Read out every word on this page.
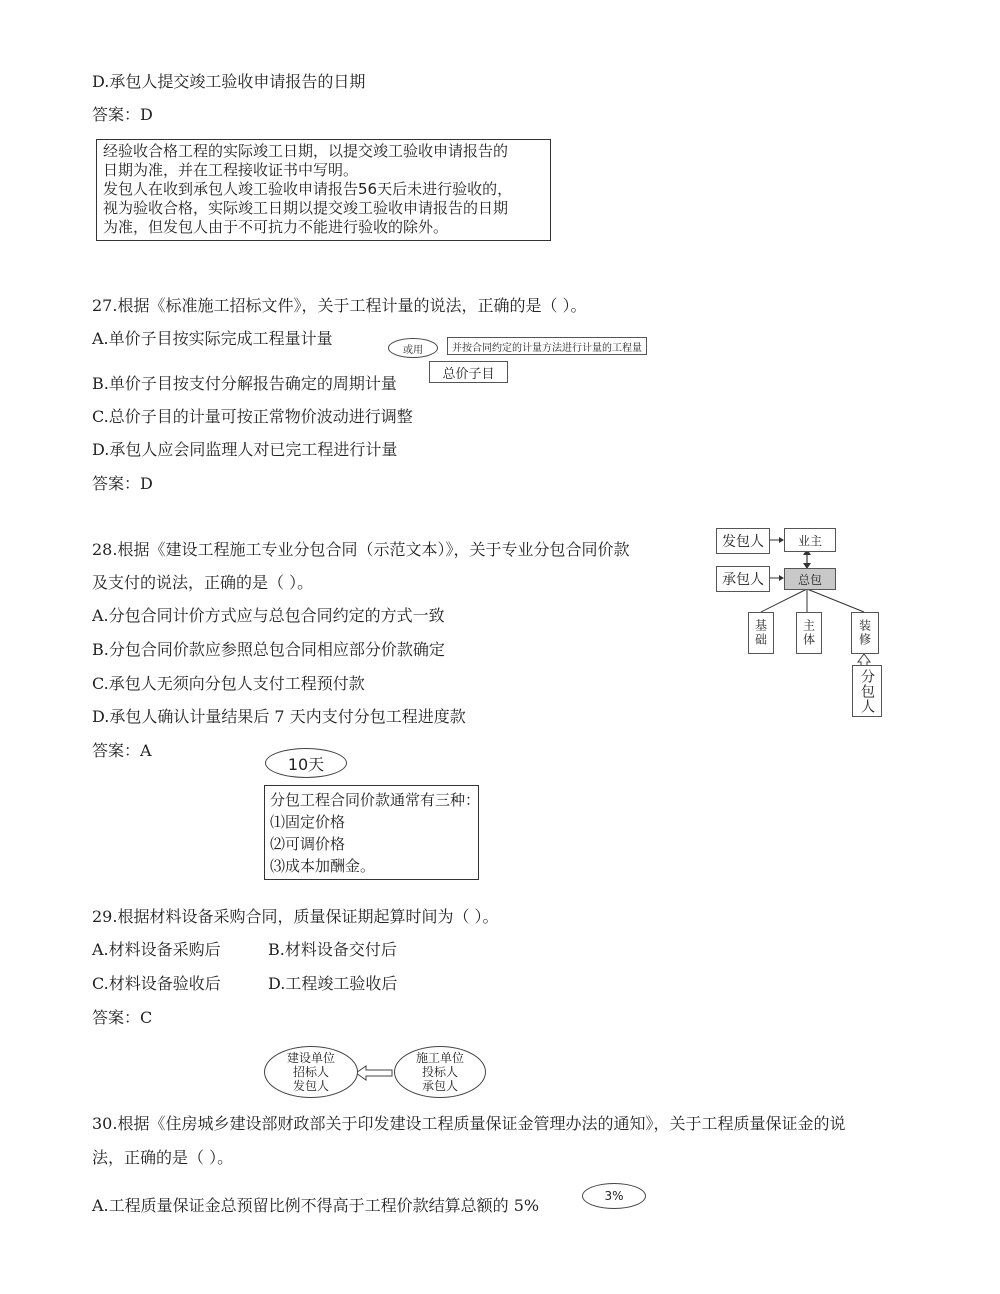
D.承包人提交竣工验收申请报告的日期
答案：D
经验收合格工程的实际竣工日期，以提交竣工验收申请报告的
日期为准，并在工程接收证书中写明。
发包人在收到承包人竣工验收申请报告56天后未进行验收的，
视为验收合格，实际竣工日期以提交竣工验收申请报告的日期
为准，但发包人由于不可抗力不能进行验收的除外。
27.根据《标准施工招标文件》，关于工程计量的说法，正确的是（ ）。
A.单价子目按实际完成工程量计量
B.单价子目按支付分解报告确定的周期计量
C.总价子目的计量可按正常物价波动进行调整
D.承包人应会同监理人对已完工程进行计量
答案：D
或⽤	并按合同约定的计量方法进行计量的工程量
总价子目
28.根据《建设工程施工专业分包合同（示范文本）》，关于专业分包合同价款
及支付的说法，正确的是（ ）。
A.分包合同计价方式应与总包合同约定的方式一致
B.分包合同价款应参照总包合同相应部分价款确定
C.承包人无须向分包人支付工程预付款
D.承包人确认计量结果后 7 天内支付分包工程进度款
答案：A
发包人	业主
承包人	总包
基础	主体	装修
分包人
10天
分包工程合同价款通常有三种：
⑴固定价格
⑵可调价格
⑶成本加酬金。
29.根据材料设备采购合同，质量保证期起算时间为（ ）。
A.材料设备采购后	B.材料设备交付后
C.材料设备验收后	D.工程竣工验收后
答案：C
建设单位
招标人
发包人
施工单位
投标人
承包人
30.根据《住房城乡建设部财政部关于印发建设工程质量保证金管理办法的通知》，关于工程质量保证金的说
法，正确的是（ ）。
A.工程质量保证金总预留比例不得高于工程价款结算总额的 5%	3%
